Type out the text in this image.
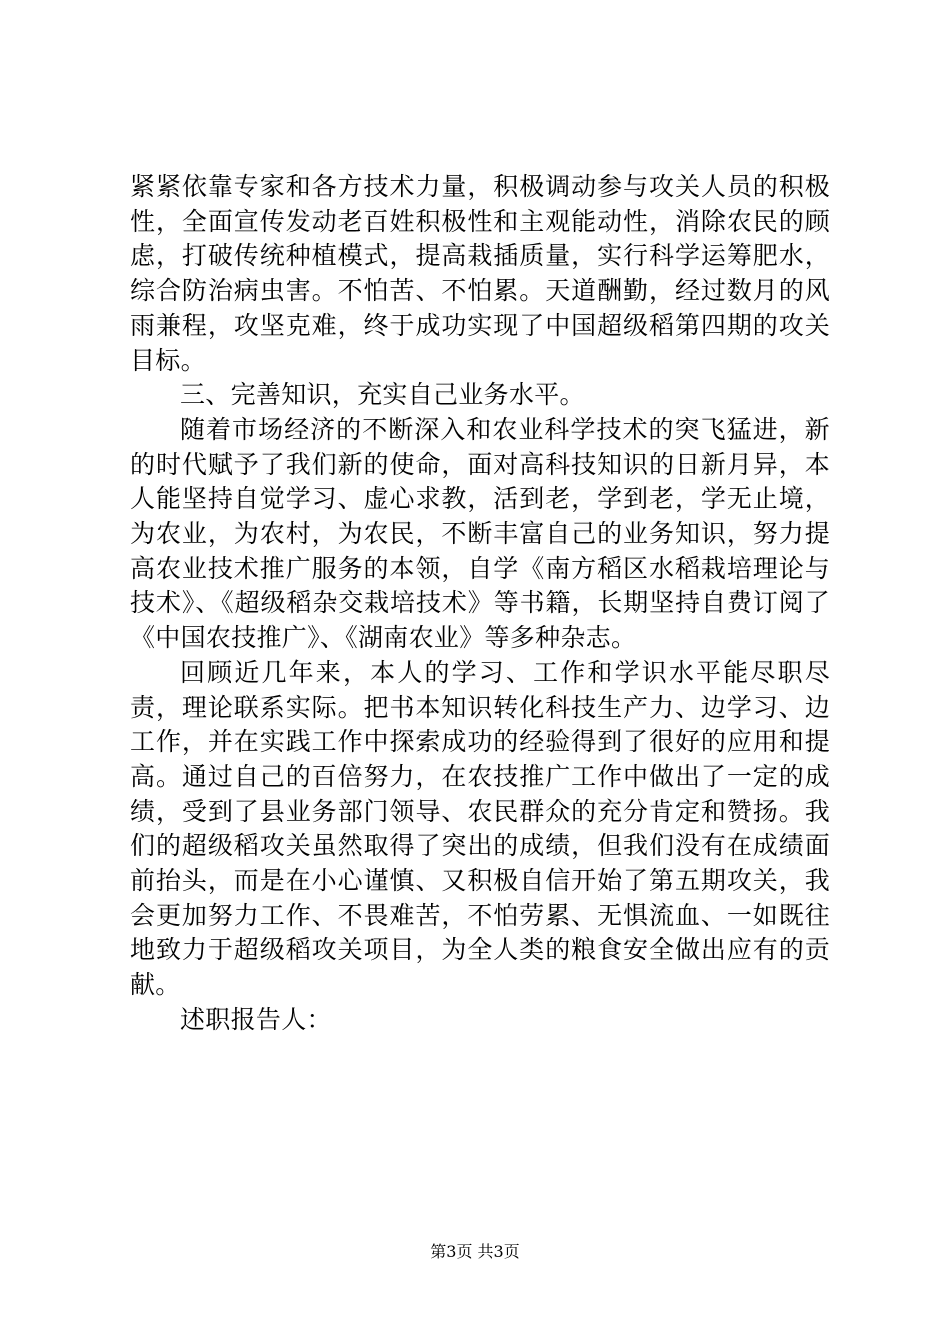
紧紧依靠专家和各方技术力量，积极调动参与攻关人员的积极性，全面宣传发动老百姓积极性和主观能动性，消除农民的顾虑，打破传统种植模式，提高栽插质量，实行科学运筹肥水，综合防治病虫害。不怕苦、不怕累。天道酬勤，经过数月的风雨兼程，攻坚克难，终于成功实现了中国超级稻第四期的攻关目标。

三、完善知识，充实自己业务水平。

随着市场经济的不断深入和农业科学技术的突飞猛进，新的时代赋予了我们新的使命，面对高科技知识的日新月异，本人能坚持自觉学习、虚心求教，活到老，学到老，学无止境，为农业，为农村，为农民，不断丰富自己的业务知识，努力提高农业技术推广服务的本领，自学《南方稻区水稻栽培理论与技术》、《超级稻杂交栽培技术》等书籍，长期坚持自费订阅了《中国农技推广》、《湖南农业》等多种杂志。

回顾近几年来，本人的学习、工作和学识水平能尽职尽责，理论联系实际。把书本知识转化科技生产力、边学习、边工作，并在实践工作中探索成功的经验得到了很好的应用和提高。通过自己的百倍努力，在农技推广工作中做出了一定的成绩，受到了县业务部门领导、农民群众的充分肯定和赞扬。我们的超级稻攻关虽然取得了突出的成绩，但我们没有在成绩面前抬头，而是在小心谨慎、又积极自信开始了第五期攻关，我会更加努力工作、不畏难苦，不怕劳累、无惧流血、一如既往地致力于超级稻攻关项目，为全人类的粮食安全做出应有的贡献。

述职报告人：

第3页 共3页
